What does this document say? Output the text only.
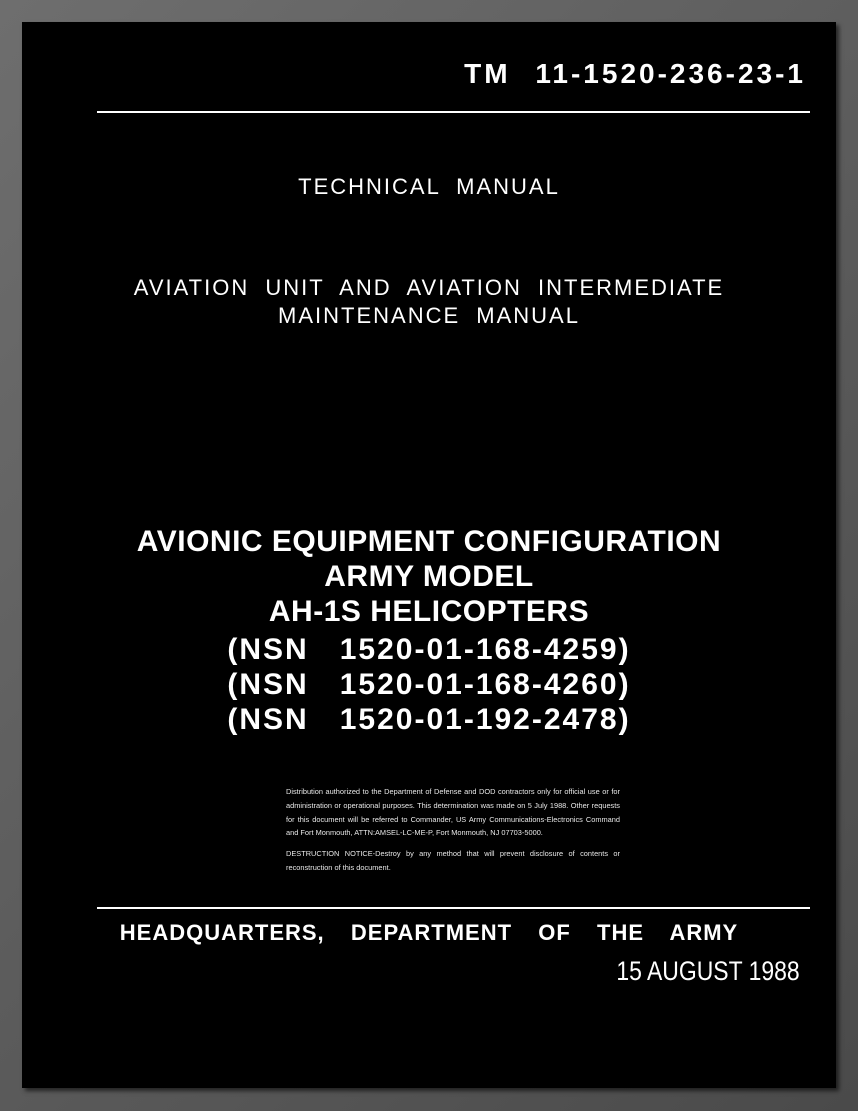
TM 11-1520-236-23-1
TECHNICAL MANUAL
AVIATION UNIT AND AVIATION INTERMEDIATE
MAINTENANCE MANUAL
AVIONIC EQUIPMENT CONFIGURATION
ARMY MODEL
AH-1S HELICOPTERS
(NSN   1520-01-168-4259)
(NSN   1520-01-168-4260)
(NSN   1520-01-192-2478)

Distribution authorized to the Department of Defense and DOD contractors only for official use or for administration or operational purposes. This determination was made on 5 July 1988. Other requests for this document will be referred to Commander, US Army Communications-Electronics Command and Fort Monmouth, ATTN:AMSEL-LC-ME-P, Fort Monmouth, NJ 07703-5000.

DESTRUCTION NOTICE-Destroy by any method that will prevent disclosure of contents or reconstruction of this document.

HEADQUARTERS,  DEPARTMENT  OF  THE  ARMY
15 AUGUST 1988
